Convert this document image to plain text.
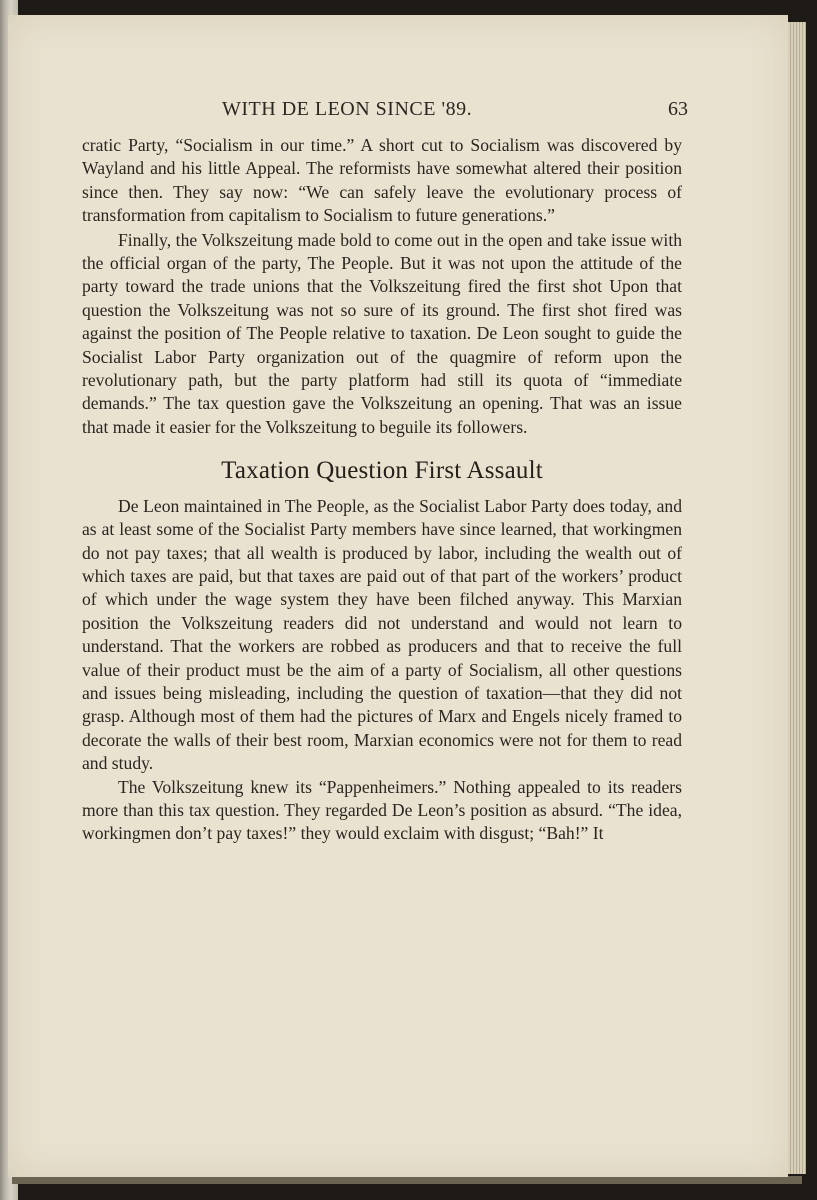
WITH DE LEON SINCE '89.	63

cratic Party, “Socialism in our time.” A short cut to Socialism was discovered by Wayland and his little Appeal. The reformists have somewhat altered their position since then. They say now: “We can safely leave the evolutionary process of transformation from capitalism to Socialism to future generations.”

Finally, the Volkszeitung made bold to come out in the open and take issue with the official organ of the party, The People. But it was not upon the attitude of the party toward the trade unions that the Volkszeitung fired the first shot Upon that question the Volkszeitung was not so sure of its ground. The first shot fired was against the position of The People relative to taxation. De Leon sought to guide the Socialist Labor Party organization out of the quagmire of reform upon the revolutionary path, but the party platform had still its quota of “immediate demands.” The tax question gave the Volkszeitung an opening. That was an issue that made it easier for the Volkszeitung to beguile its followers.

Taxation Question First Assault

De Leon maintained in The People, as the Socialist Labor Party does today, and as at least some of the Socialist Party members have since learned, that workingmen do not pay taxes; that all wealth is produced by labor, including the wealth out of which taxes are paid, but that taxes are paid out of that part of the workers’ product of which under the wage system they have been filched anyway. This Marxian position the Volkszeitung readers did not understand and would not learn to understand. That the workers are robbed as producers and that to receive the full value of their product must be the aim of a party of Socialism, all other questions and issues being misleading, including the question of taxation—that they did not grasp. Although most of them had the pictures of Marx and Engels nicely framed to decorate the walls of their best room, Marxian economics were not for them to read and study.

The Volkszeitung knew its “Pappenheimers.” Nothing appealed to its readers more than this tax question. They regarded De Leon’s position as absurd. “The idea, workingmen don’t pay taxes!” they would exclaim with disgust; “Bah!” It
